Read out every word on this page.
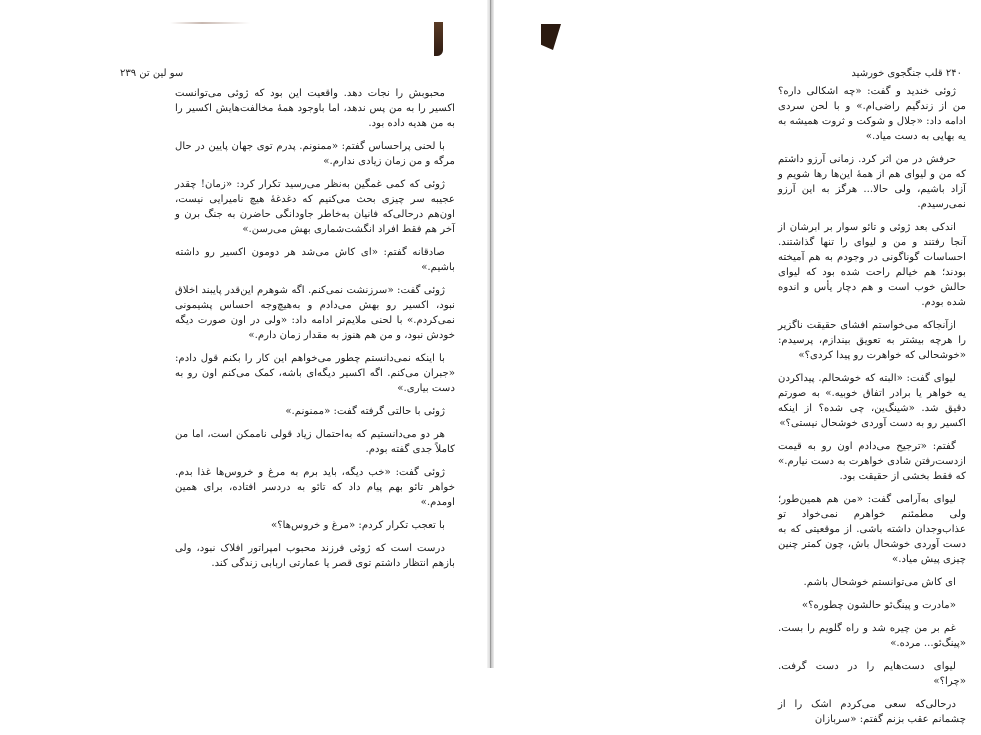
سو لین تن ۲۳۹

محبوبش را نجات دهد. واقعیت این بود که ژوئی می‌توانست اکسیر را به من پس ندهد، اما باوجود همهٔ مخالفت‌هایش اکسیر را به من هدیه داده بود.

با لحنی پراحساس گفتم: «ممنونم. پدرم توی جهان پایین در حال مرگه و من زمان زیادی ندارم.»

ژوئی که کمی غمگین به‌نظر می‌رسید تکرار کرد: «زمان! چقدر عجیبه سر چیزی بحث می‌کنیم که دغدغهٔ هیچ نامیرایی نیست، اون‌هم درحالی‌که فانیان به‌خاطر جاودانگی حاضرن به جنگ برن و آخر هم فقط افراد انگشت‌شماری بهش می‌رسن.»

صادقانه گفتم: «ای کاش می‌شد هر دومون اکسیر رو داشته باشیم.»

ژوئی گفت: «سرزنشت نمی‌کنم. اگه شوهرم این‌قدر پایبند اخلاق نبود، اکسیر رو بهش می‌دادم و به‌هیچ‌وجه احساس پشیمونی نمی‌کردم.» با لحنی ملایم‌تر ادامه داد: «ولی در اون صورت دیگه خودش نبود، و من هم هنوز به مقدار زمان دارم.»

با اینکه نمی‌دانستم چطور می‌خواهم این کار را بکنم قول دادم: «جبران می‌کنم. اگه اکسیر دیگه‌ای باشه، کمک می‌کنم اون رو به دست بیاری.»

ژوئی با حالتی گرفته گفت: «ممنونم.»

هر دو می‌دانستیم که به‌احتمال زیاد قولی ناممکن است، اما من کاملاً جدی گفته بودم.

ژوئی گفت: «خب دیگه، باید برم به مرغ و خروس‌ها غذا بدم. خواهر تائو بهم پیام داد که تائو به دردسر افتاده، برای همین اومدم.»

با تعجب تکرار کردم: «مرغ و خروس‌ها؟»

درست است که ژوئی فرزند محبوب امپراتور افلاک نبود، ولی بازهم انتظار داشتم توی قصر یا عمارتی اربابی زندگی کند.

۲۴۰ قلب جنگجوی خورشید

ژوئی خندید و گفت: «چه اشکالی داره؟ من از زندگیم راضی‌ام.» و با لحن سردی ادامه داد: «جلال و شوکت و ثروت همیشه به یه بهایی به دست میاد.»

حرفش در من اثر کرد. زمانی آرزو داشتم که من و لیوای هم از همهٔ این‌ها رها شویم و آزاد باشیم، ولی حالا... هرگز به این آرزو نمی‌رسیدم.

اندکی بعد ژوئی و تائو سوار بر ابرشان از آنجا رفتند و من و لیوای را تنها گذاشتند. احساسات گوناگونی در وجودم به هم آمیخته بودند؛ هم خیالم راحت شده بود که لیوای حالش خوب است و هم دچار یأس و اندوه شده بودم.

ازآنجاکه می‌خواستم افشای حقیقت ناگزیر را هرچه بیشتر به تعویق بیندازم، پرسیدم: «خوشحالی که خواهرت رو پیدا کردی؟»

لیوای گفت: «البته که خوشحالم. پیداکردن یه خواهر یا برادر اتفاق خوبیه.» به صورتم دقیق شد. «شینگ‌ین، چی شده؟ از اینکه اکسیر رو به دست آوردی خوشحال نیستی؟»

گفتم: «ترجیح می‌دادم اون رو به قیمت ازدست‌رفتن شادی خواهرت به دست نیارم.» که فقط بخشی از حقیقت بود.

لیوای به‌آرامی گفت: «من هم همین‌طور؛ ولی مطمئنم خواهرم نمی‌خواد تو عذاب‌وجدان داشته باشی. از موقعیتی که به دست آوردی خوشحال باش، چون کمتر چنین چیزی پیش میاد.»

ای کاش می‌توانستم خوشحال باشم.

«مادرت و پینگ‌ئو حالشون چطوره؟»

غم بر من چیره شد و راه گلویم را بست. «پینگ‌ئو... مرده.»

لیوای دست‌هایم را در دست گرفت. «چرا؟»

درحالی‌که سعی می‌کردم اشک را از چشمانم عقب بزنم گفتم: «سربازان
